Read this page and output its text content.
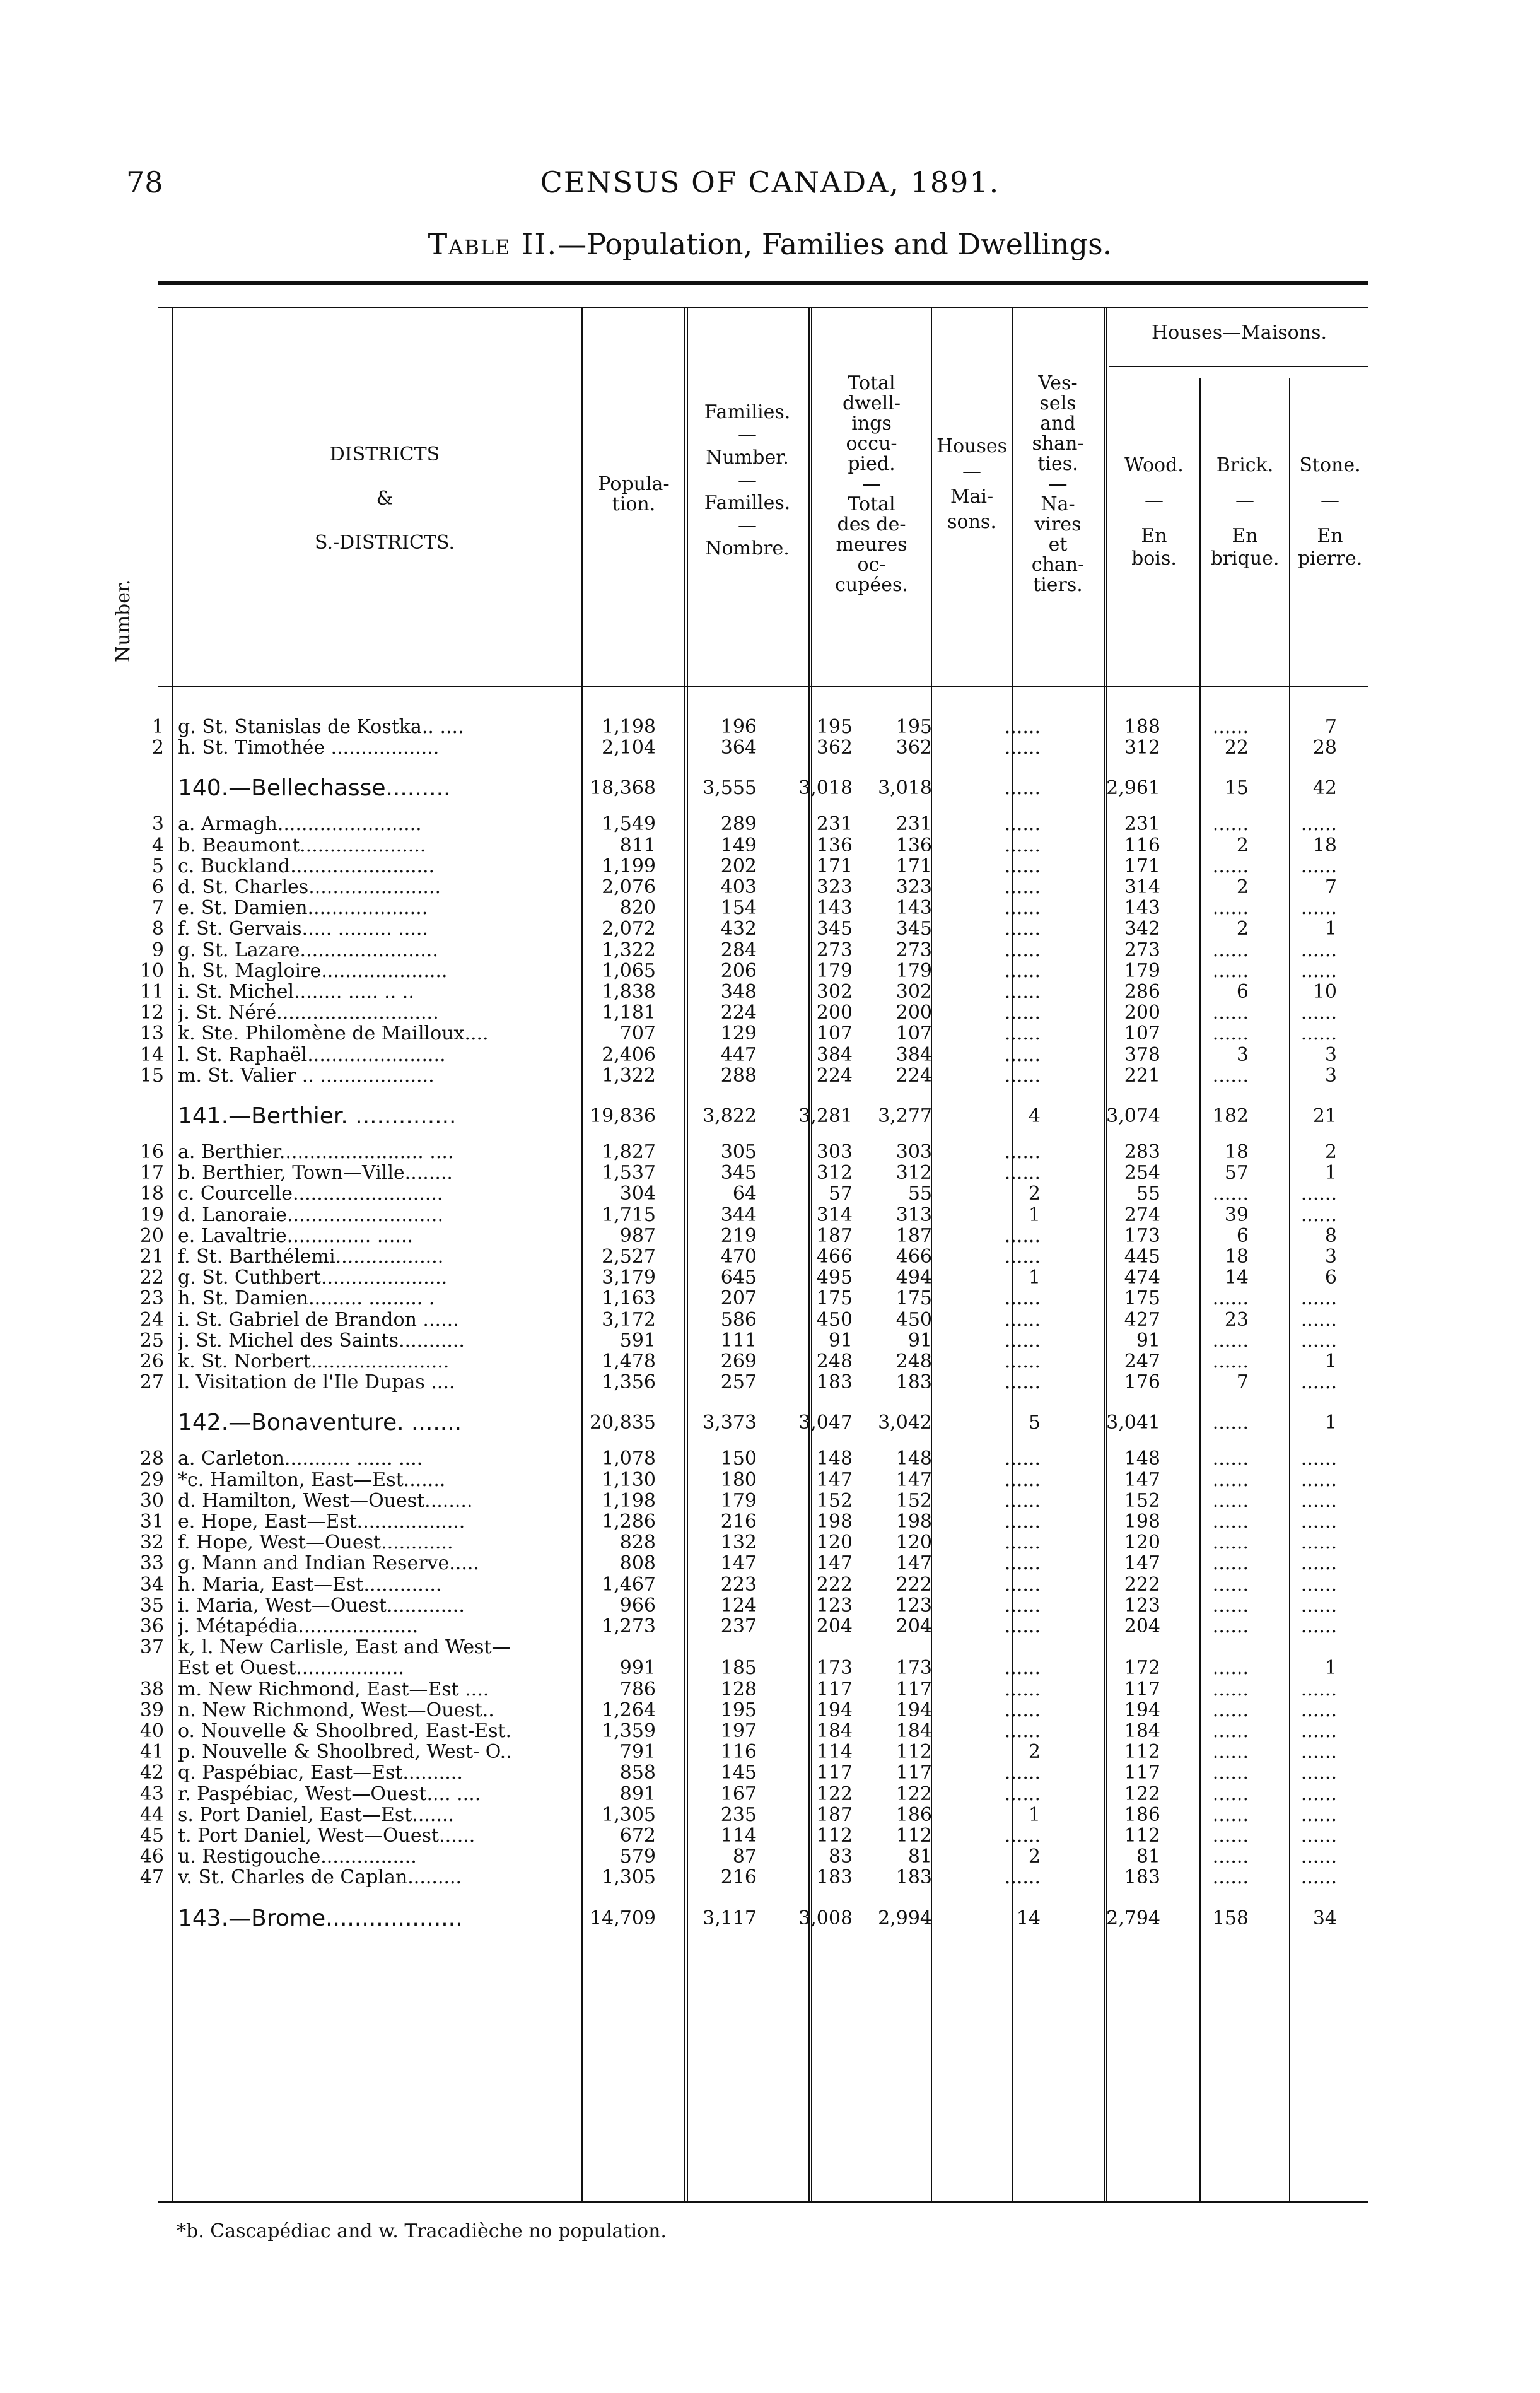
78	CENSUS OF CANADA, 1891.
Table II.—Population, Families and Dwellings.
Number.
DISTRICTS
&
S.-DISTRICTS.
Popula-
tion.
Families.
—
Number.
—
Familles.
—
Nombre.
Total
dwell-
ings
occu-
pied.
—
Total
des de-
meures
oc-
cupées.
Houses
—
Mai-
sons.
Ves-
sels
and
shan-
ties.
—
Na-
vires
et
chan-
tiers.
Houses—Maisons.
Wood.
—
En
bois.
Brick.
—
En
brique.
Stone.
—
En
pierre.
1 g. St. Stanislas de Kostka.. ....	1,198	196	195	195	......	188	......	7
2 h. St. Timothée ..................	2,104	364	362	362	......	312	22	28
140.—Bellechasse.........	18,368	3,555	3,018	3,018	......	2,961	15	42
3 a. Armagh........................	1,549	289	231	231	......	231	......	......
4 b. Beaumont.....................	811	149	136	136	......	116	2	18
5 c. Buckland........................	1,199	202	171	171	......	171	......	......
6 d. St. Charles......................	2,076	403	323	323	......	314	2	7
7 e. St. Damien....................	820	154	143	143	......	143	......	......
8 f. St. Gervais..... ......... .....	2,072	432	345	345	......	342	2	1
9 g. St. Lazare.......................	1,322	284	273	273	......	273	......	......
10 h. St. Magloire.....................	1,065	206	179	179	......	179	......	......
11 i. St. Michel........ ..... .. ..	1,838	348	302	302	......	286	6	10
12 j. St. Néré...........................	1,181	224	200	200	......	200	......	......
13 k. Ste. Philomène de Mailloux....	707	129	107	107	......	107	......	......
14 l. St. Raphaël.......................	2,406	447	384	384	......	378	3	3
15 m. St. Valier .. ...................	1,322	288	224	224	......	221	......	3
141.—Berthier. ..............	19,836	3,822	3,281	3,277	4	3,074	182	21
16 a. Berthier........................ ....	1,827	305	303	303	......	283	18	2
17 b. Berthier, Town—Ville........	1,537	345	312	312	......	254	57	1
18 c. Courcelle.........................	304	64	57	55	2	55	......	......
19 d. Lanoraie..........................	1,715	344	314	313	1	274	39	......
20 e. Lavaltrie.............. ......	987	219	187	187	......	173	6	8
21 f. St. Barthélemi..................	2,527	470	466	466	......	445	18	3
22 g. St. Cuthbert.....................	3,179	645	495	494	1	474	14	6
23 h. St. Damien......... ......... .	1,163	207	175	175	......	175	......	......
24 i. St. Gabriel de Brandon ......	3,172	586	450	450	......	427	23	......
25 j. St. Michel des Saints...........	591	111	91	91	......	91	......	......
26 k. St. Norbert.......................	1,478	269	248	248	......	247	......	1
27 l. Visitation de l'Ile Dupas ....	1,356	257	183	183	......	176	7	......
142.—Bonaventure. .......	20,835	3,373	3,047	3,042	5	3,041	......	1
28 a. Carleton........... ...... ....	1,078	150	148	148	......	148	......	......
29 *c. Hamilton, East—Est.......	1,130	180	147	147	......	147	......	......
30 d. Hamilton, West—Ouest........	1,198	179	152	152	......	152	......	......
31 e. Hope, East—Est..................	1,286	216	198	198	......	198	......	......
32 f. Hope, West—Ouest............	828	132	120	120	......	120	......	......
33 g. Mann and Indian Reserve.....	808	147	147	147	......	147	......	......
34 h. Maria, East—Est.............	1,467	223	222	222	......	222	......	......
35 i. Maria, West—Ouest.............	966	124	123	123	......	123	......	......
36 j. Métapédia....................	1,273	237	204	204	......	204	......	......
37 k, l. New Carlisle, East and West—
Est et Ouest..................	991	185	173	173	......	172	......	1
38 m. New Richmond, East—Est ....	786	128	117	117	......	117	......	......
39 n. New Richmond, West—Ouest..	1,264	195	194	194	......	194	......	......
40 o. Nouvelle & Shoolbred, East-Est.	1,359	197	184	184	......	184	......	......
41 p. Nouvelle & Shoolbred, West- O..	791	116	114	112	2	112	......	......
42 q. Paspébiac, East—Est..........	858	145	117	117	......	117	......	......
43 r. Paspébiac, West—Ouest.... ....	891	167	122	122	......	122	......	......
44 s. Port Daniel, East—Est.......	1,305	235	187	186	1	186	......	......
45 t. Port Daniel, West—Ouest......	672	114	112	112	......	112	......	......
46 u. Restigouche................	579	87	83	81	2	81	......	......
47 v. St. Charles de Caplan.........	1,305	216	183	183	......	183	......	......
143.—Brome...................	14,709	3,117	3,008	2,994	14	2,794	158	34
*b. Cascapédiac and w. Tracadièche no population.
